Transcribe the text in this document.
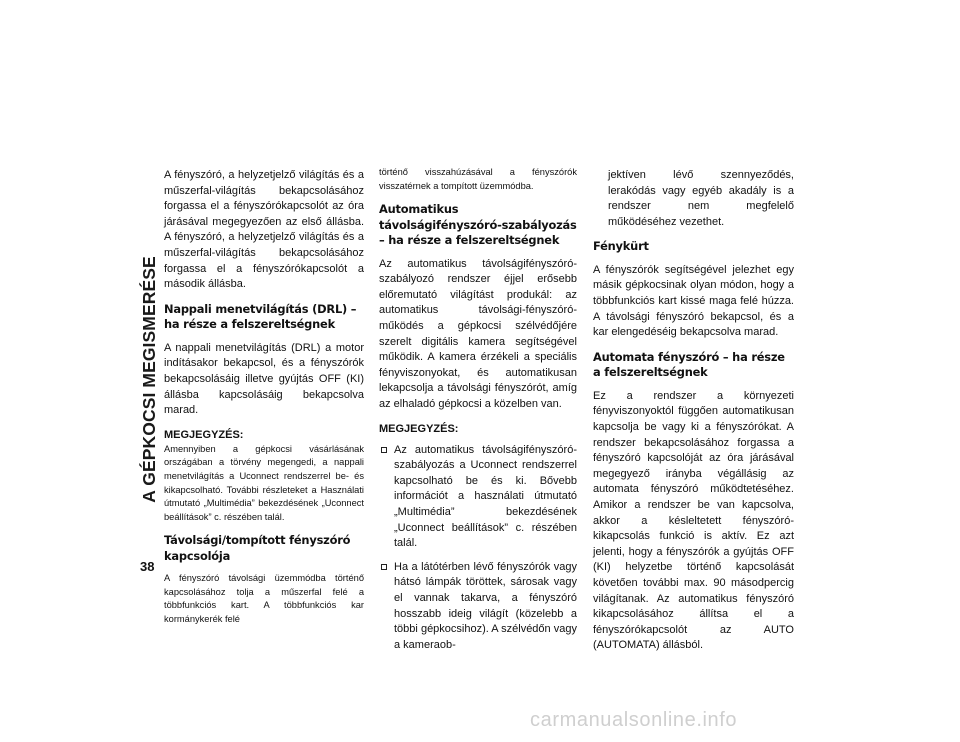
A GÉPKOCSI MEGISMERÉSE

A fényszóró, a helyzetjelző világítás és a műszerfal-világítás bekapcsolásához forgassa el a fényszórókapcsolót az óra járásával megegyezően az első állásba. A fényszóró, a helyzetjelző világítás és a műszerfal-világítás bekapcsolásához forgassa el a fényszórókapcsolót a második állásba.

Nappali menetvilágítás (DRL) – ha része a felszereltségnek

A nappali menetvilágítás (DRL) a motor indításakor bekapcsol, és a fényszórók bekapcsolásáig illetve gyújtás OFF (KI) állásba kapcsolásáig bekapcsolva marad.

MEGJEGYZÉS:

Amennyiben a gépkocsi vásárlásának országában a törvény megengedi, a nappali menetvilágítás a Uconnect rendszerrel be- és kikapcsolható. További részleteket a Használati útmutató „Multimédia” bekezdésének „Uconnect beállítások” c. részében talál.

Távolsági/tompított fényszóró kapcsolója

A fényszóró távolsági üzemmódba történő kapcsolásához tolja a műszerfal felé a többfunkciós kart. A többfunkciós kar kormánykerék felé

történő visszahúzásával a fényszórók visszatérnek a tompított üzemmódba.

Automatikus távolságifényszóró-szabályozás – ha része a felszereltségnek

Az automatikus távolságifényszóró-szabályozó rendszer éjjel erősebb előremutató világítást produkál: az automatikus távolsági-fényszóró-működés a gépkocsi szélvédőjére szerelt digitális kamera segítségével működik. A kamera érzékeli a speciális fényviszonyokat, és automatikusan lekapcsolja a távolsági fényszórót, amíg az elhaladó gépkocsi a közelben van.

MEGJEGYZÉS:
Az automatikus távolságifényszóró-szabályozás a Uconnect rendszerrel kapcsolható be és ki. Bővebb információt a használati útmutató „Multimédia” bekezdésének „Uconnect beállítások” c. részében talál.
Ha a látótérben lévő fényszórók vagy hátsó lámpák töröttek, sárosak vagy el vannak takarva, a fényszóró hosszabb ideig világít (közelebb a többi gépkocsihoz). A szélvédőn vagy a kameraob-

jektíven lévő szennyeződés, lerakódás vagy egyéb akadály is a rendszer nem megfelelő működéséhez vezethet.

Fénykürt

A fényszórók segítségével jelezhet egy másik gépkocsinak olyan módon, hogy a többfunkciós kart kissé maga felé húzza. A távolsági fényszóró bekapcsol, és a kar elengedéséig bekapcsolva marad.

Automata fényszóró – ha része a felszereltségnek

Ez a rendszer a környezeti fényviszonyoktól függően automatikusan kapcsolja be vagy ki a fényszórókat. A rendszer bekapcsolásához forgassa a fényszóró kapcsolóját az óra járásával megegyező irányba végállásig az automata fényszóró működtetéséhez. Amikor a rendszer be van kapcsolva, akkor a késleltetett fényszóró-kikapcsolás funkció is aktív. Ez azt jelenti, hogy a fényszórók a gyújtás OFF (KI) helyzetbe történő kapcsolását követően további max. 90 másodpercig világítanak. Az automatikus fényszóró kikapcsolásához állítsa el a fényszórókapcsolót az AUTO (AUTOMATA) állásból.

38
carmanualsonline.info
